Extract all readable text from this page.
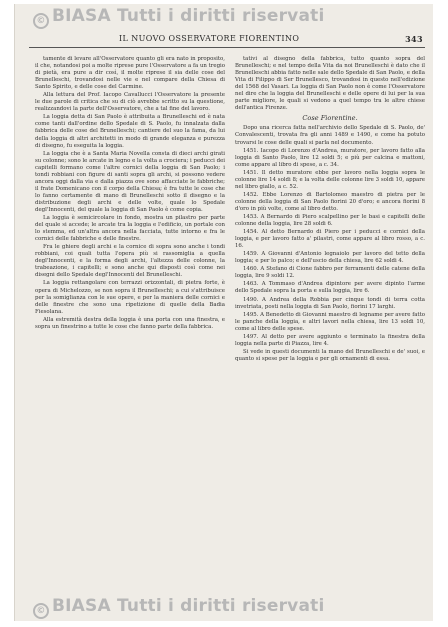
© BIASA Tutti i diritti riservati
IL NUOVO OSSERVATORE FIORENTINO	343

tamente di levare all'Osservatore quanto gli era nato in proposito, il che, notandosi poi a molte riprese pure l'Osservatore a fa un tregio di pietà, era pure a dir così, il molte riprese il sia delle cose del Brunelleschi, trovandosi nelle vie e nel compare della Chiesa di Santo Spirito, e delle cose del Carmine.

Alla lettura del Prof. Iacopo Cavallucci l'Osservatore la presente le due parole di critica che su di ciò avrebbe scritto su la questione, realizzandovi la parte dell'Osservatore, che a tal fine del lavoro.

La loggia detta di San Paolo è attribuita a Brunelleschi ed è nata come tanti dall'ordine dello Spedale di S. Paolo, fu innalzata dalla fabbrica delle cose del Brunelleschi; cantiere del suo la fama, da lui della loggia di altri architetti in modo di grande eleganza e purezza di disegno, fu eseguita la loggia.

La loggia che è a Santa Maria Novella consta di dieci archi girati su colonne; sono le arcate in legno e la volta a crociera; i peducci dei capitelli formano come l'altre cornici della loggia di San Paolo; i tondi robbiani con figure di santi sopra gli archi, si possono vedere ancora oggi dalla via e dalla piazza ove sono affacciate le fabbriche; il frate Domenicano con il corpo della Chiesa; è fra tutte le cose che lo fanno certamente di mano di Brunelleschi sotto il disegno e la distribuzione degli archi e delle volte, quale lo Spedale degl'Innocenti, del quale la loggia di San Paolo è come copia.

La loggia è semicircolare in fondo, mostra un pilastro per parte del quale si accede; le arcate tra la loggia e l'edificio, un portale con lo stemma, ed un'altra ancora nella facciata, tutte intorno e fra le cornici delle fabbriche e delle finestre.

Fra le ghiere degli archi e la cornice di sopra sono anche i tondi robbiani, coi quali tutta l'opera più si rassomiglia a quella degl'Innocenti, e la forma degli archi, l'altezza delle colonne, la trabeazione, i capitelli; e sono anche qui disposti così come nei disegni dello Spedale degl'Innocenti del Brunelleschi.

La loggia rettangolare con terrazzi orizzontali, di pietra forte, è opera di Michelozzo, se non sopra il Brunelleschi; a cui s'attribuisce per la somiglianza con le sue opere, e per la maniera delle cornici e delle finestre che sono una ripetizione di quelle della Badia Fiesolana.

Alla estremità destra della loggia è una porta con una finestra, e sopra un finestrino a tutte le cose che fanno parte della fabbrica.

tativi al disegno della fabbrica, tutto quanto sopra del Brunelleschi; e nel tempo della Vita da noi Brunelleschi è dato che il Brunelleschi abbia fatto nelle sale dello Spedale di San Paolo, e della Vita di Filippo di Ser Brunellesco, trovandosi in questo nell'edizione del 1568 del Vasari. La loggia di San Paolo non è come l'Osservatore nel dire che la loggia del Brunelleschi e delle opere di lui per la sua parte migliore, le quali si vedono a quel tempo tra le altre chiese dell'antica Firenze.

Cose Fiorentine.

Dopo una ricerca fatta nell'archivio dello Spedale di S. Paolo, de' Convalescenti, trovata fra gli anni 1489 e 1490, e come ha potuto trovarsi le cose delle quali si parla nel documento.

1451. Iacopo di Lorenzo d'Andrea, muratore, per lavoro fatto alla loggia di Santo Paolo, lire 12 soldi 5; e più per calcina e mattoni, come appare al libro di spese, a c. 34.

1451. Il detto muratore ebbe per lavoro nella loggia sopra le colonne lire 14 soldi 8; e la volta delle colonne lire 3 soldi 10, appare nel libro giallo, a c. 52.

1452. Ebbe Lorenzo di Bartolomeo maestro di pietra per le colonne della loggia di San Paolo fiorini 20 d'oro; e ancora fiorini 8 d'oro in più volte, come al libro detto.

1453. A Bernardo di Piero scalpellino per le basi e capitelli delle colonne della loggia, lire 28 soldi 6.

1454. Al detto Bernardo di Piero per i peducci e cornici della loggia, e per lavoro fatto a' pilastri, come appare al libro rosso, a c. 16.

1459. A Giovanni d'Antonio legnaiolo per lavoro del tetto della loggia; e per lo palco; e dell'uscio della chiesa, lire 62 soldi 4.

1460. A Stefano di Cione fabbro per ferramenti delle catene della loggia, lire 9 soldi 12.

1463. A Tommaso d'Andrea dipintore per avere dipinto l'arme dello Spedale sopra la porta e sulla loggia, lire 6.

1490. A Andrea della Robbia per cinque tondi di terra cotta invetriata, posti nella loggia di San Paolo, fiorini 17 larghi.

1495. A Benedetto di Giovanni maestro di legname per avere fatto le panche della loggia, e altri lavori nella chiesa, lire 13 soldi 10, come al libro delle spese.

1497. Al detto per avere aggiunto e terminato la finestra della loggia nella parte di Piazza, lire 4.

Si vede in questi documenti la mano del Brunelleschi e de' suoi, e quanto si spese per la loggia e per gli ornamenti di essa.

© BIASA Tutti i diritti riservati
